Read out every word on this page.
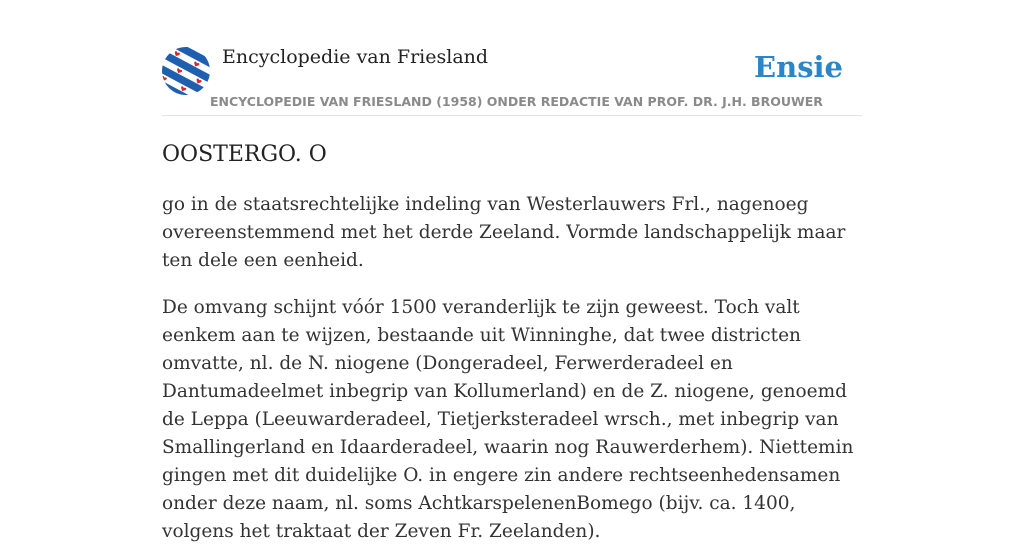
Encyclopedie van Friesland	Ensie
ENCYCLOPEDIE VAN FRIESLAND (1958) ONDER REDACTIE VAN PROF. DR. J.H. BROUWER
OOSTERGO. O

go in de staatsrechtelijke indeling van Westerlauwers Frl., nagenoeg overeenstemmend met het derde Zeeland. Vormde landschappelijk maar ten dele een eenheid.

De omvang schijnt vóór 1500 veranderlijk te zijn geweest. Toch valt eenkem aan te wijzen, bestaande uit Winninghe, dat twee districten omvatte, nl. de N. niogene (Dongeradeel, Ferwerderadeel en Dantumadeelmet inbegrip van Kollumerland) en de Z. niogene, genoemd de Leppa (Leeuwarderadeel, Tietjerksteradeel wrsch., met inbegrip van Smallingerland en Idaarderadeel, waarin nog Rauwerderhem). Niettemin gingen met dit duidelijke O. in engere zin andere rechtseenhedensamen onder deze naam, nl. soms AchtkarspelenenBomego (bijv. ca. 1400, volgens het traktaat der Zeven Fr. Zeelanden).
